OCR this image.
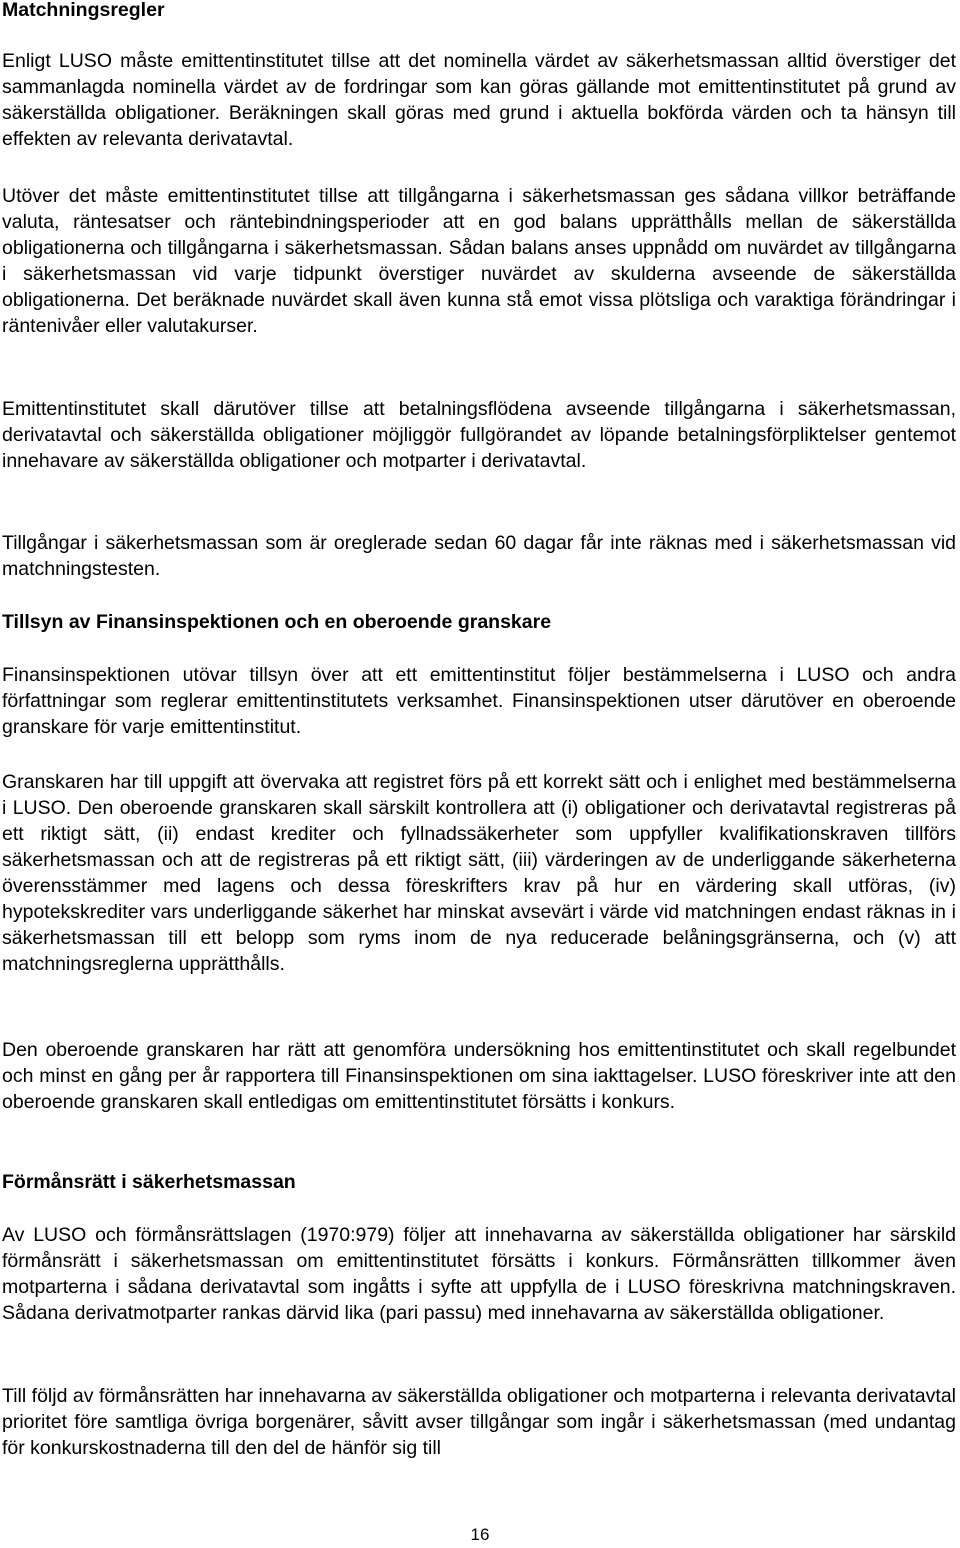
Matchningsregler

Enligt LUSO måste emittentinstitutet tillse att det nominella värdet av säkerhetsmassan alltid överstiger det sammanlagda nominella värdet av de fordringar som kan göras gällande mot emittentinstitutet på grund av säkerställda obligationer. Beräkningen skall göras med grund i aktuella bokförda värden och ta hänsyn till effekten av relevanta derivatavtal.

Utöver det måste emittentinstitutet tillse att tillgångarna i säkerhetsmassan ges sådana villkor beträffande valuta, räntesatser och räntebindningsperioder att en god balans upprätthålls mellan de säkerställda obligationerna och tillgångarna i säkerhetsmassan. Sådan balans anses uppnådd om nuvärdet av tillgångarna i säkerhetsmassan vid varje tidpunkt överstiger nuvärdet av skulderna avseende de säkerställda obligationerna. Det beräknade nuvärdet skall även kunna stå emot vissa plötsliga och varaktiga förändringar i räntenivåer eller valutakurser.

Emittentinstitutet skall därutöver tillse att betalningsflödena avseende tillgångarna i säkerhetsmassan, derivatavtal och säkerställda obligationer möjliggör fullgörandet av löpande betalningsförpliktelser gentemot innehavare av säkerställda obligationer och motparter i derivatavtal.

Tillgångar i säkerhetsmassan som är oreglerade sedan 60 dagar får inte räknas med i säkerhetsmassan vid matchningstesten.

Tillsyn av Finansinspektionen och en oberoende granskare

Finansinspektionen utövar tillsyn över att ett emittentinstitut följer bestämmelserna i LUSO och andra författningar som reglerar emittentinstitutets verksamhet. Finansinspektionen utser därutöver en oberoende granskare för varje emittentinstitut.

Granskaren har till uppgift att övervaka att registret förs på ett korrekt sätt och i enlighet med bestämmelserna i LUSO. Den oberoende granskaren skall särskilt kontrollera att (i) obligationer och derivatavtal registreras på ett riktigt sätt, (ii) endast krediter och fyllnadssäkerheter som uppfyller kvalifikationskraven tillförs säkerhetsmassan och att de registreras på ett riktigt sätt, (iii) värderingen av de underliggande säkerheterna överensstämmer med lagens och dessa föreskrifters krav på hur en värdering skall utföras, (iv) hypotekskrediter vars underliggande säkerhet har minskat avsevärt i värde vid matchningen endast räknas in i säkerhetsmassan till ett belopp som ryms inom de nya reducerade belåningsgränserna, och (v) att matchningsreglerna upprätthålls.

Den oberoende granskaren har rätt att genomföra undersökning hos emittentinstitutet och skall regelbundet och minst en gång per år rapportera till Finansinspektionen om sina iakttagelser. LUSO föreskriver inte att den oberoende granskaren skall entledigas om emittentinstitutet försätts i konkurs.

Förmånsrätt i säkerhetsmassan

Av LUSO och förmånsrättslagen (1970:979) följer att innehavarna av säkerställda obligationer har särskild förmånsrätt i säkerhetsmassan om emittentinstitutet försätts i konkurs. Förmånsrätten tillkommer även motparterna i sådana derivatavtal som ingåtts i syfte att uppfylla de i LUSO föreskrivna matchningskraven. Sådana derivatmotparter rankas därvid lika (pari passu) med innehavarna av säkerställda obligationer.

Till följd av förmånsrätten har innehavarna av säkerställda obligationer och motparterna i relevanta derivatavtal prioritet före samtliga övriga borgenärer, såvitt avser tillgångar som ingår i säkerhetsmassan (med undantag för konkurskostnaderna till den del de hänför sig till

16
